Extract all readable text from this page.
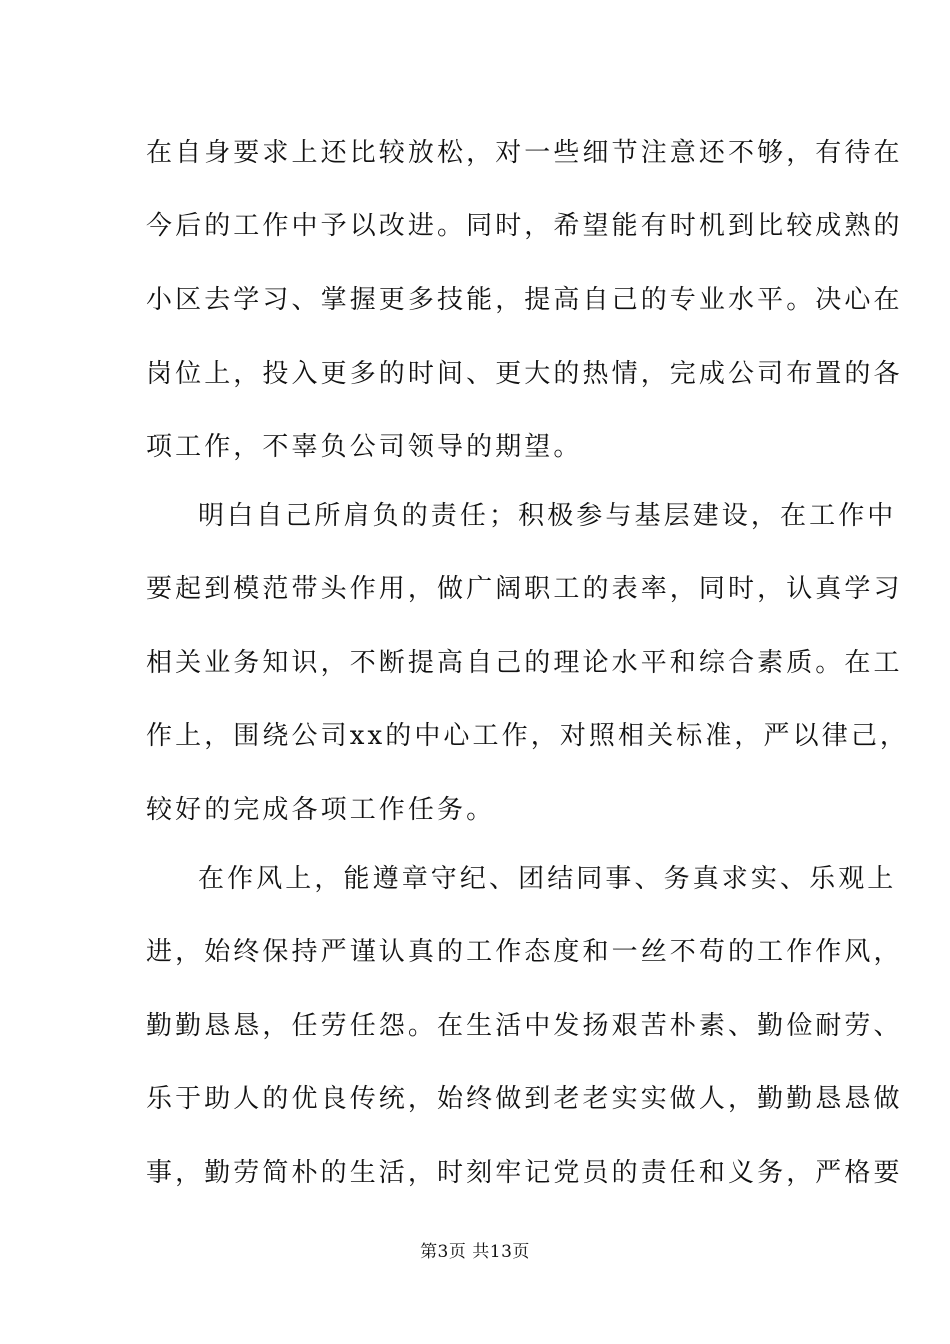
在自身要求上还比较放松，对一些细节注意还不够，有待在
今后的工作中予以改进。同时，希望能有时机到比较成熟的
小区去学习、掌握更多技能，提高自己的专业水平。决心在
岗位上，投入更多的时间、更大的热情，完成公司布置的各
项工作，不辜负公司领导的期望。
明白自己所肩负的责任；积极参与基层建设，在工作中
要起到模范带头作用，做广阔职工的表率，同时，认真学习
相关业务知识，不断提高自己的理论水平和综合素质。在工
作上，围绕公司xx的中心工作，对照相关标准，严以律己，
较好的完成各项工作任务。
在作风上，能遵章守纪、团结同事、务真求实、乐观上
进，始终保持严谨认真的工作态度和一丝不苟的工作作风，
勤勤恳恳，任劳任怨。在生活中发扬艰苦朴素、勤俭耐劳、
乐于助人的优良传统，始终做到老老实实做人，勤勤恳恳做
事，勤劳简朴的生活，时刻牢记党员的责任和义务，严格要
第3页 共13页
